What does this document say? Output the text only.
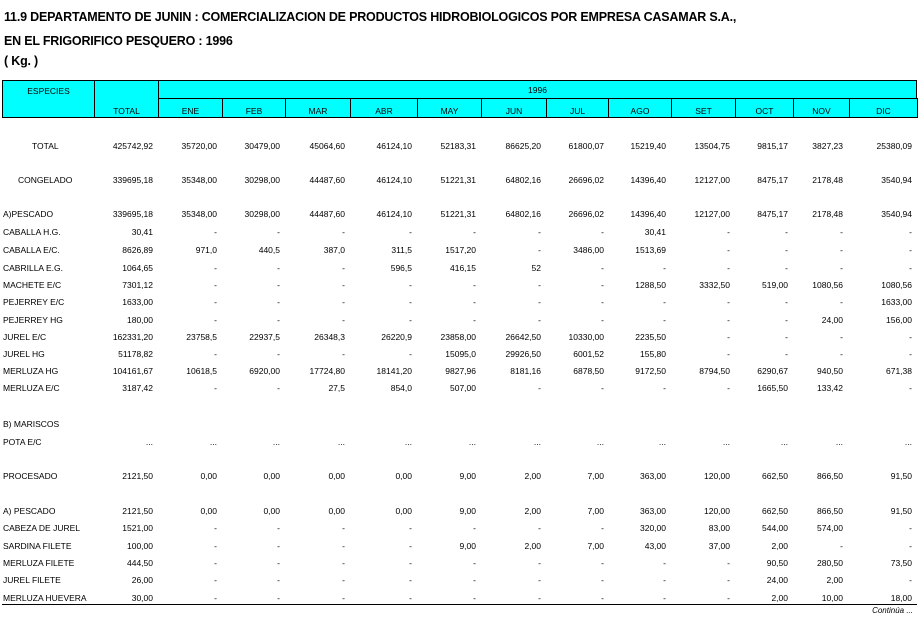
11.9 DEPARTAMENTO DE JUNIN : COMERCIALIZACION DE PRODUCTOS HIDROBIOLOGICOS POR EMPRESA CASAMAR S.A.,
EN EL FRIGORIFICO PESQUERO : 1996
( Kg. )
ESPECIES
TOTAL
1996
ENE	FEB	MAR	ABR	MAY	JUN	JUL	AGO	SET	OCT	NOV	DIC
TOTAL	425742,92	35720,00	30479,00	45064,60	46124,10	52183,31	86625,20	61800,07	15219,40	13504,75	9815,17	3827,23	25380,09
CONGELADO	339695,18	35348,00	30298,00	44487,60	46124,10	51221,31	64802,16	26696,02	14396,40	12127,00	8475,17	2178,48	3540,94
A)PESCADO	339695,18	35348,00	30298,00	44487,60	46124,10	51221,31	64802,16	26696,02	14396,40	12127,00	8475,17	2178,48	3540,94
CABALLA H.G.	30,41	-	-	-	-	-	-	-	30,41	-	-	-	-
CABALLA E/C.	8626,89	971,0	440,5	387,0	311,5	1517,20	-	3486,00	1513,69	-	-	-	-
CABRILLA E.G.	1064,65	-	-	-	596,5	416,15	52	-	-	-	-	-	-
MACHETE E/C	7301,12	-	-	-	-	-	-	-	1288,50	3332,50	519,00	1080,56	1080,56
PEJERREY E/C	1633,00	-	-	-	-	-	-	-	-	-	-	-	1633,00
PEJERREY HG	180,00	-	-	-	-	-	-	-	-	-	-	24,00	156,00
JUREL E/C	162331,20	23758,5	22937,5	26348,3	26220,9	23858,00	26642,50	10330,00	2235,50	-	-	-	-
JUREL HG	51178,82	-	-	-	-	15095,0	29926,50	6001,52	155,80	-	-	-	-
MERLUZA HG	104161,67	10618,5	6920,00	17724,80	18141,20	9827,96	8181,16	6878,50	9172,50	8794,50	6290,67	940,50	671,38
MERLUZA E/C	3187,42	-	-	27,5	854,0	507,00	-	-	-	-	1665,50	133,42	-
B) MARISCOS
POTA E/C	...	...	...	...	...	...	...	...	...	...	...	...	...
PROCESADO	2121,50	0,00	0,00	0,00	0,00	9,00	2,00	7,00	363,00	120,00	662,50	866,50	91,50
A) PESCADO	2121,50	0,00	0,00	0,00	0,00	9,00	2,00	7,00	363,00	120,00	662,50	866,50	91,50
CABEZA DE JUREL	1521,00	-	-	-	-	-	-	-	320,00	83,00	544,00	574,00	-
SARDINA FILETE	100,00	-	-	-	-	9,00	2,00	7,00	43,00	37,00	2,00	-	-
MERLUZA FILETE	444,50	-	-	-	-	-	-	-	-	-	90,50	280,50	73,50
JUREL FILETE	26,00	-	-	-	-	-	-	-	-	-	24,00	2,00	-
MERLUZA HUEVERA	30,00	-	-	-	-	-	-	-	-	-	2,00	10,00	18,00
Continúa ...
